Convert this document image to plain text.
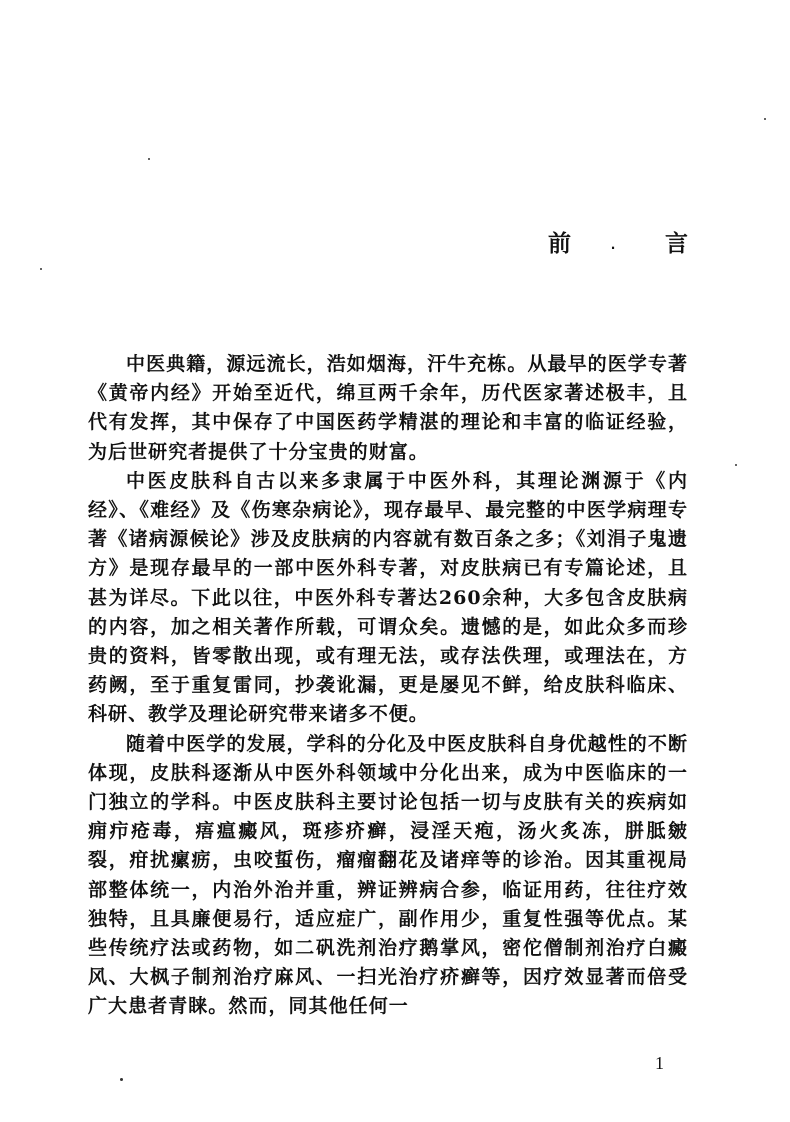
前	. 言

中医典籍，源远流长，浩如烟海，汗牛充栋。从最早的医学专著《黄帝内经》开始至近代，绵亘两千余年，历代医家著述极丰，且代有发挥，其中保存了中国医药学精湛的理论和丰富的临证经验，为后世研究者提供了十分宝贵的财富。

中医皮肤科自古以来多隶属于中医外科，其理论渊源于《内经》、《难经》及《伤寒杂病论》，现存最早、最完整的中医学病理专著《诸病源候论》涉及皮肤病的内容就有数百条之多；《刘涓子鬼遗方》是现存最早的一部中医外科专著，对皮肤病已有专篇论述，且甚为详尽。下此以往，中医外科专著达260余种，大多包含皮肤病的内容，加之相关著作所载，可谓众矣。遗憾的是，如此众多而珍贵的资料，皆零散出现，或有理无法，或存法佚理，或理法在，方药阙，至于重复雷同，抄袭讹漏，更是屡见不鲜，给皮肤科临床、科研、教学及理论研究带来诸多不便。

随着中医学的发展，学科的分化及中医皮肤科自身优越性的不断体现，皮肤科逐渐从中医外科领域中分化出来，成为中医临床的一门独立的学科。中医皮肤科主要讨论包括一切与皮肤有关的疾病如痈疖疮毒，痦瘟癜风，斑疹疥癣，浸淫天疱，汤火炙冻，胼胝皴裂，疳扰瘰疬，虫咬蜇伤，瘤瘤翻花及诸痒等的诊治。因其重视局部整体统一，内治外治并重，辨证辨病合参，临证用药，往往疗效独特，且具廉便易行，适应症广，副作用少，重复性强等优点。某些传统疗法或药物，如二矾洗剂治疗鹅掌风，密佗僧制剂治疗白癜风、大枫子制剂治疗麻风、一扫光治疗疥癣等，因疗效显著而倍受广大患者青睐。然而，同其他任何一

1
